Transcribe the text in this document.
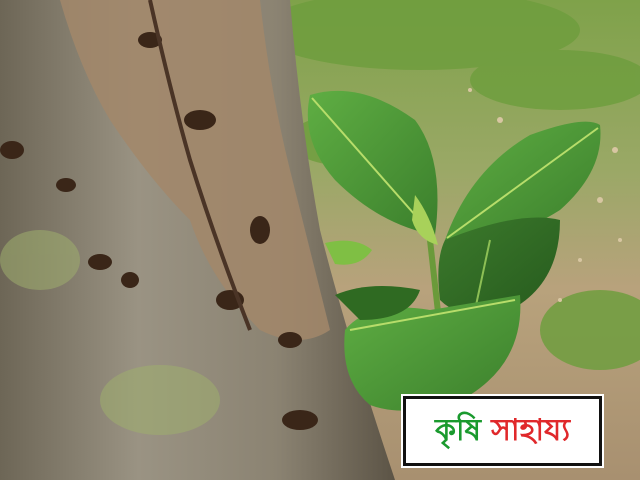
কৃষি সাহায্য
